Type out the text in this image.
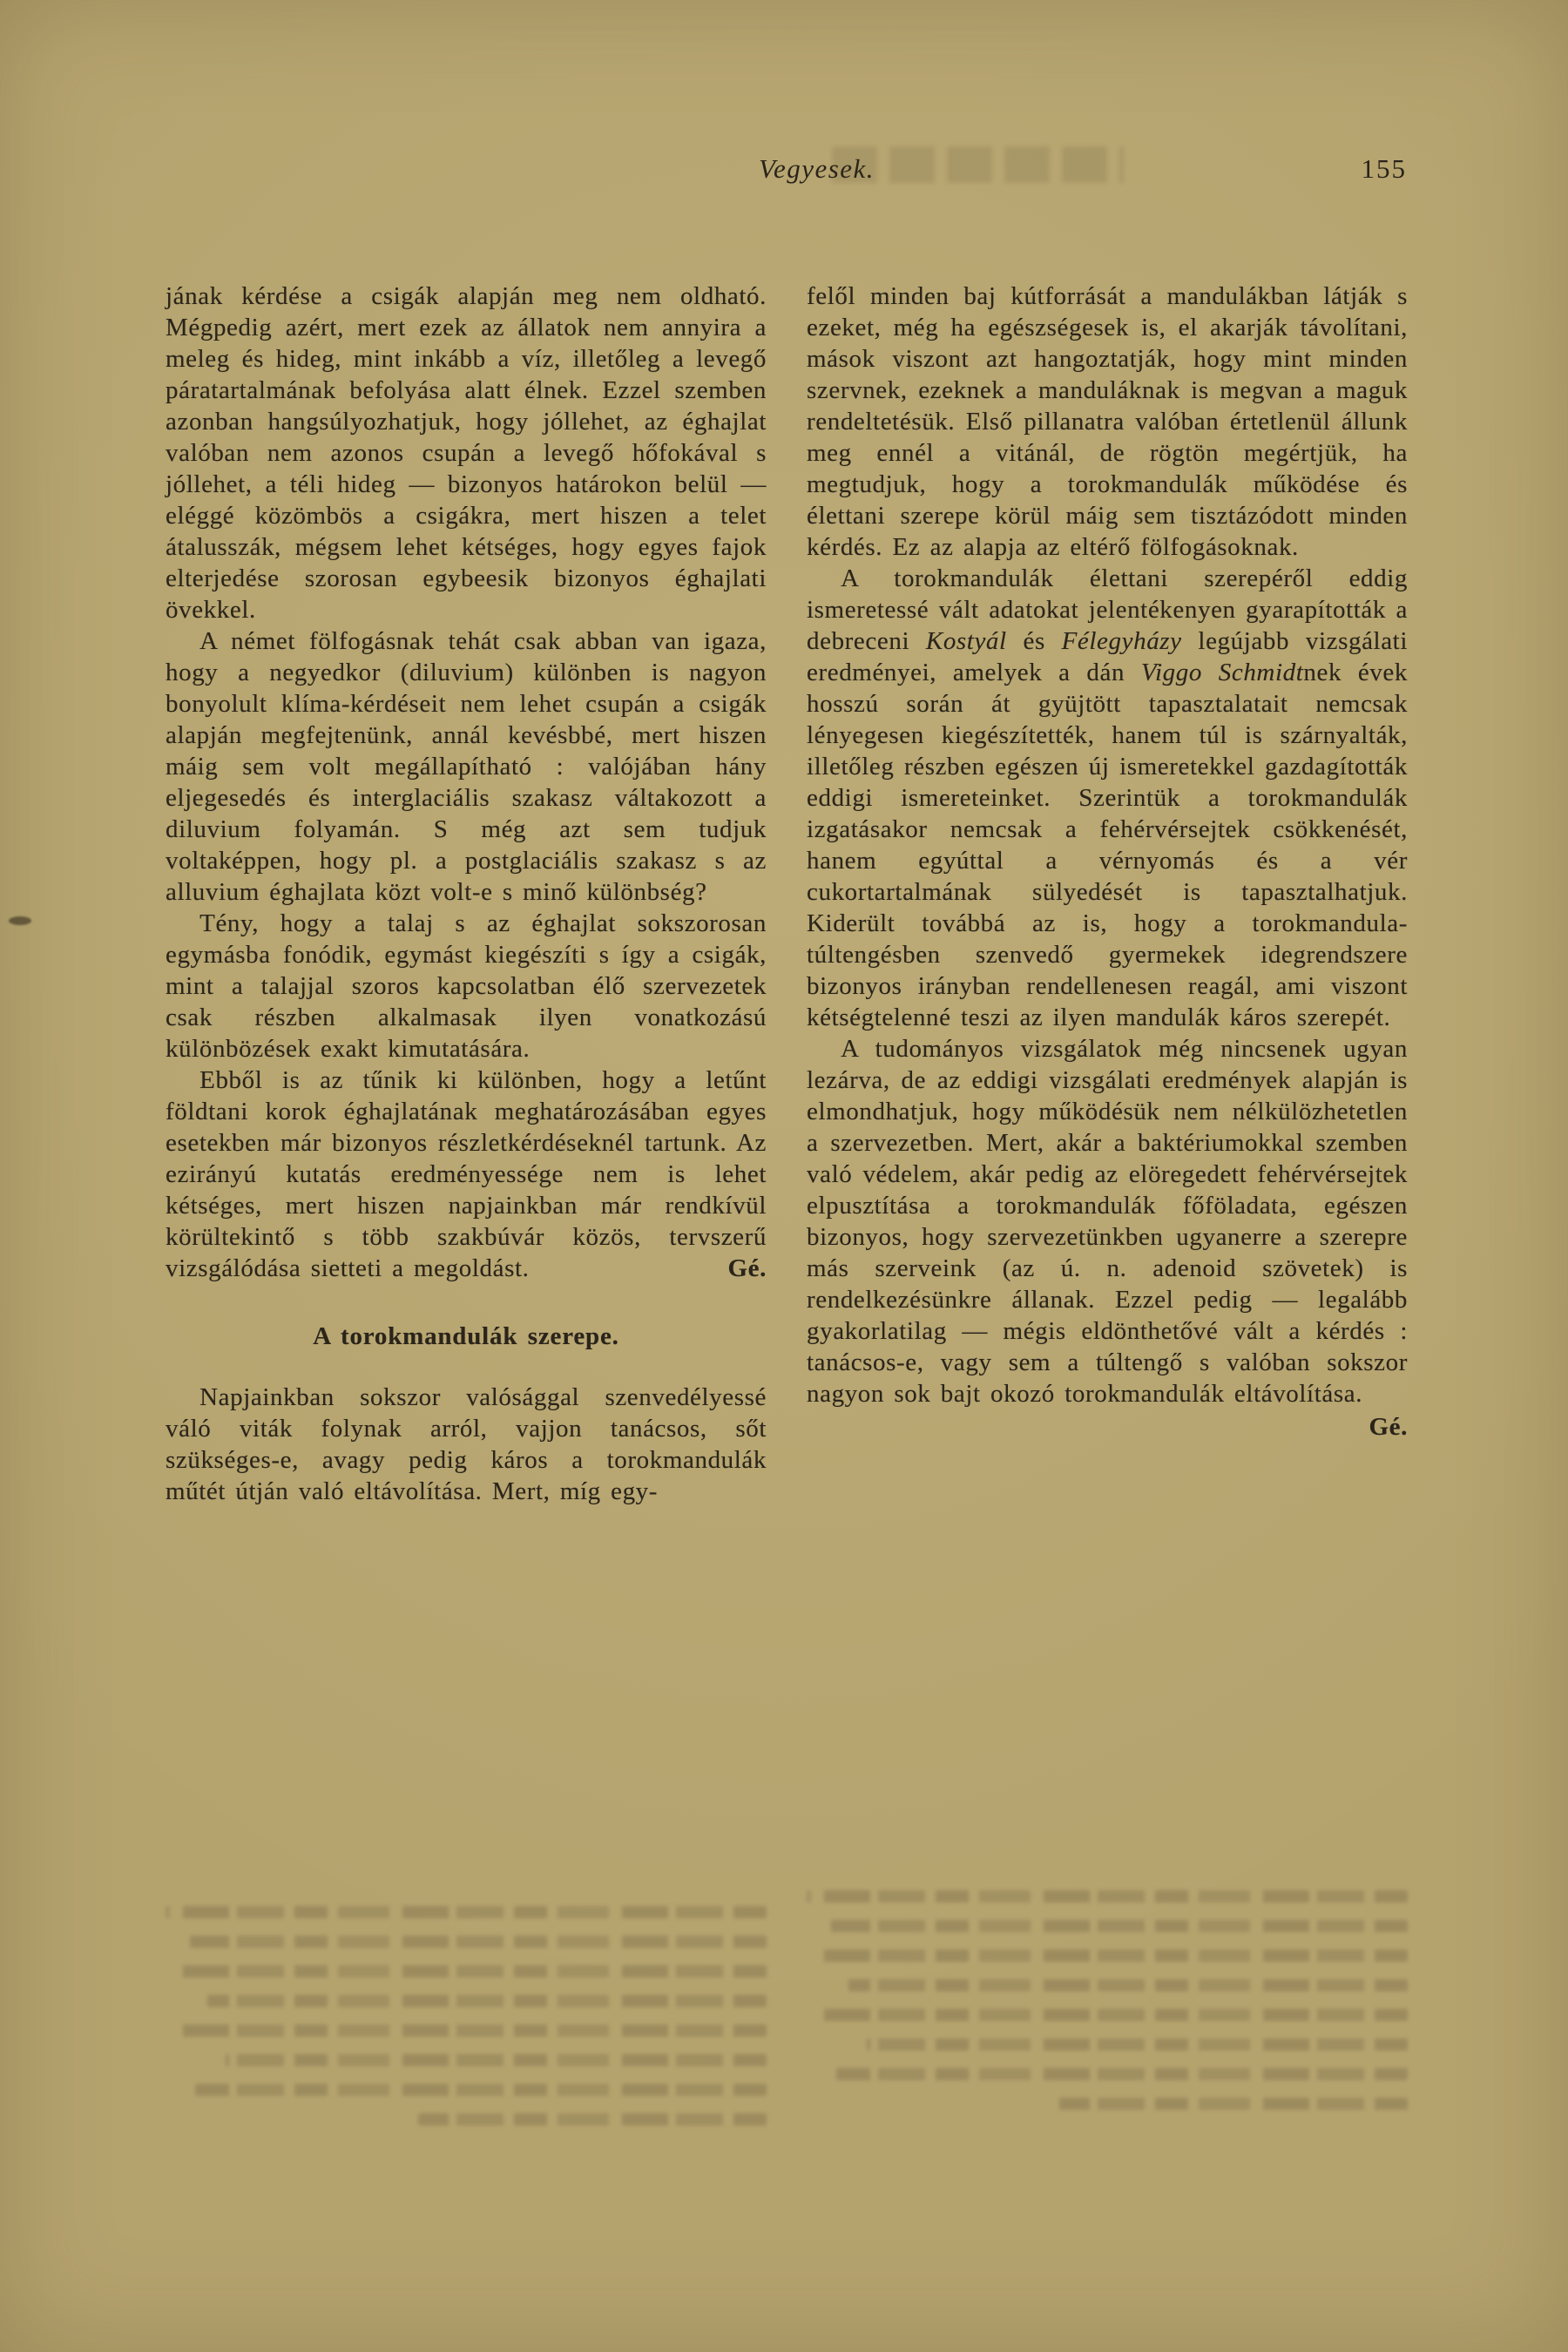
Vegyesek.	155

jának kérdése a csigák alapján meg nem oldható. Mégpedig azért, mert ezek az állatok nem annyira a meleg és hideg, mint inkább a víz, illetőleg a levegő páratartalmának befolyása alatt élnek. Ezzel szemben azonban hangsúlyozhatjuk, hogy jóllehet, az éghajlat valóban nem azonos csupán a levegő hőfokával s jóllehet, a téli hideg — bizonyos határokon belül — eléggé közömbös a csigákra, mert hiszen a telet átalusszák, mégsem lehet kétséges, hogy egyes fajok elterjedése szorosan egybeesik bizonyos éghajlati övekkel.

A német fölfogásnak tehát csak abban van igaza, hogy a negyedkor (diluvium) különben is nagyon bonyolult klíma-kérdéseit nem lehet csupán a csigák alapján megfejtenünk, annál kevésbbé, mert hiszen máig sem volt megállapítható : valójában hány eljegesedés és interglaciális szakasz váltakozott a diluvium folyamán. S még azt sem tudjuk voltaképpen, hogy pl. a postglaciális szakasz s az alluvium éghajlata közt volt-e s minő különbség?

Tény, hogy a talaj s az éghajlat sokszorosan egymásba fonódik, egymást kiegészíti s így a csigák, mint a talajjal szoros kapcsolatban élő szervezetek csak részben alkalmasak ilyen vonatkozású különbözések exakt kimutatására.

Ebből is az tűnik ki különben, hogy a letűnt földtani korok éghajlatának meghatározásában egyes esetekben már bizonyos részletkérdéseknél tartunk. Az ezirányú kutatás eredményessége nem is lehet kétséges, mert hiszen napjainkban már rendkívül körültekintő s több szakbúvár közös, tervszerű vizsgálódása sietteti a megoldást.	Gé.

A torokmandulák szerepe.

Napjainkban sokszor valósággal szenvedélyessé váló viták folynak arról, vajjon tanácsos, sőt szükséges-e, avagy pedig káros a torokmandulák műtét útján való eltávolítása. Mert, míg egy-

felől minden baj kútforrását a mandulákban látják s ezeket, még ha egészségesek is, el akarják távolítani, mások viszont azt hangoztatják, hogy mint minden szervnek, ezeknek a manduláknak is megvan a maguk rendeltetésük. Első pillanatra valóban értetlenül állunk meg ennél a vitánál, de rögtön megértjük, ha megtudjuk, hogy a torokmandulák működése és élettani szerepe körül máig sem tisztázódott minden kérdés. Ez az alapja az eltérő fölfogásoknak.

A torokmandulák élettani szerepéről eddig ismeretessé vált adatokat jelentékenyen gyarapították a debreceni Kostyál és Félegyházy legújabb vizsgálati eredményei, amelyek a dán Viggo Schmidtnek évek hosszú során át gyüjtött tapasztalatait nemcsak lényegesen kiegészítették, hanem túl is szárnyalták, illetőleg részben egészen új ismeretekkel gazdagították eddigi ismereteinket. Szerintük a torokmandulák izgatásakor nemcsak a fehérvérsejtek csökkenését, hanem egyúttal a vérnyomás és a vér cukortartalmának sülyedését is tapasztalhatjuk. Kiderült továbbá az is, hogy a torokmandula-túltengésben szenvedő gyermekek idegrendszere bizonyos irányban rendellenesen reagál, ami viszont kétségtelenné teszi az ilyen mandulák káros szerepét.

A tudományos vizsgálatok még nincsenek ugyan lezárva, de az eddigi vizsgálati eredmények alapján is elmondhatjuk, hogy működésük nem nélkülözhetetlen a szervezetben. Mert, akár a baktériumokkal szemben való védelem, akár pedig az elöregedett fehérvérsejtek elpusztítása a torokmandulák főföladata, egészen bizonyos, hogy szervezetünkben ugyanerre a szerepre más szerveink (az ú. n. adenoid szövetek) is rendelkezésünkre állanak. Ezzel pedig — legalább gyakorlatilag — mégis eldönthetővé vált a kérdés : tanácsos-e, vagy sem a túltengő s valóban sokszor nagyon sok bajt okozó torokmandulák eltávolítása.

Gé.
